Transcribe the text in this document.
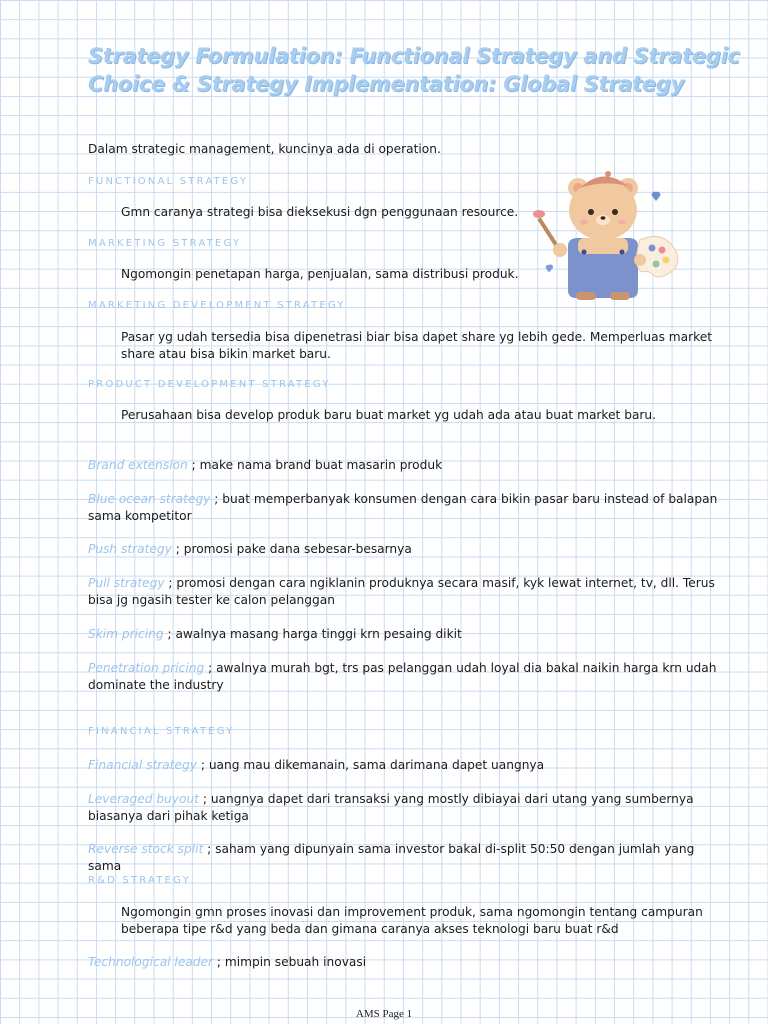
Strategy Formulation: Functional Strategy and Strategic Choice & Strategy Implementation: Global Strategy
Dalam strategic management, kuncinya ada di operation.
FUNCTIONAL STRATEGY
Gmn caranya strategi bisa dieksekusi dgn penggunaan resource.
MARKETING STRATEGY
Ngomongin penetapan harga, penjualan, sama distribusi produk.
MARKETING DEVELOPMENT STRATEGY
Pasar yg udah tersedia bisa dipenetrasi biar bisa dapet share yg lebih gede. Memperluas market share atau bisa bikin market baru.
PRODUCT DEVELOPMENT STRATEGY
Perusahaan bisa develop produk baru buat market yg udah ada atau buat market baru.
Brand extension ; make nama brand buat masarin produk
Blue ocean strategy ; buat memperbanyak konsumen dengan cara bikin pasar baru instead of balapan sama kompetitor
Push strategy ; promosi pake dana sebesar-besarnya
Pull strategy ; promosi dengan cara ngiklanin produknya secara masif, kyk lewat internet, tv, dll. Terus bisa jg ngasih tester ke calon pelanggan
Skim pricing ; awalnya masang harga tinggi krn pesaing dikit
Penetration pricing ; awalnya murah bgt, trs pas pelanggan udah loyal dia bakal naikin harga krn udah dominate the industry
FINANCIAL STRATEGY
Financial strategy ; uang mau dikemanain, sama darimana dapet uangnya
Leveraged buyout ; uangnya dapet dari transaksi yang mostly dibiayai dari utang yang sumbernya biasanya dari pihak ketiga
Reverse stock split ; saham yang dipunyain sama investor bakal di-split 50:50 dengan jumlah yang sama
R&D STRATEGY
Ngomongin gmn proses inovasi dan improvement produk, sama ngomongin tentang campuran beberapa tipe r&d yang beda dan gimana caranya akses teknologi baru buat r&d
Technological leader ; mimpin sebuah inovasi
AMS Page 1
